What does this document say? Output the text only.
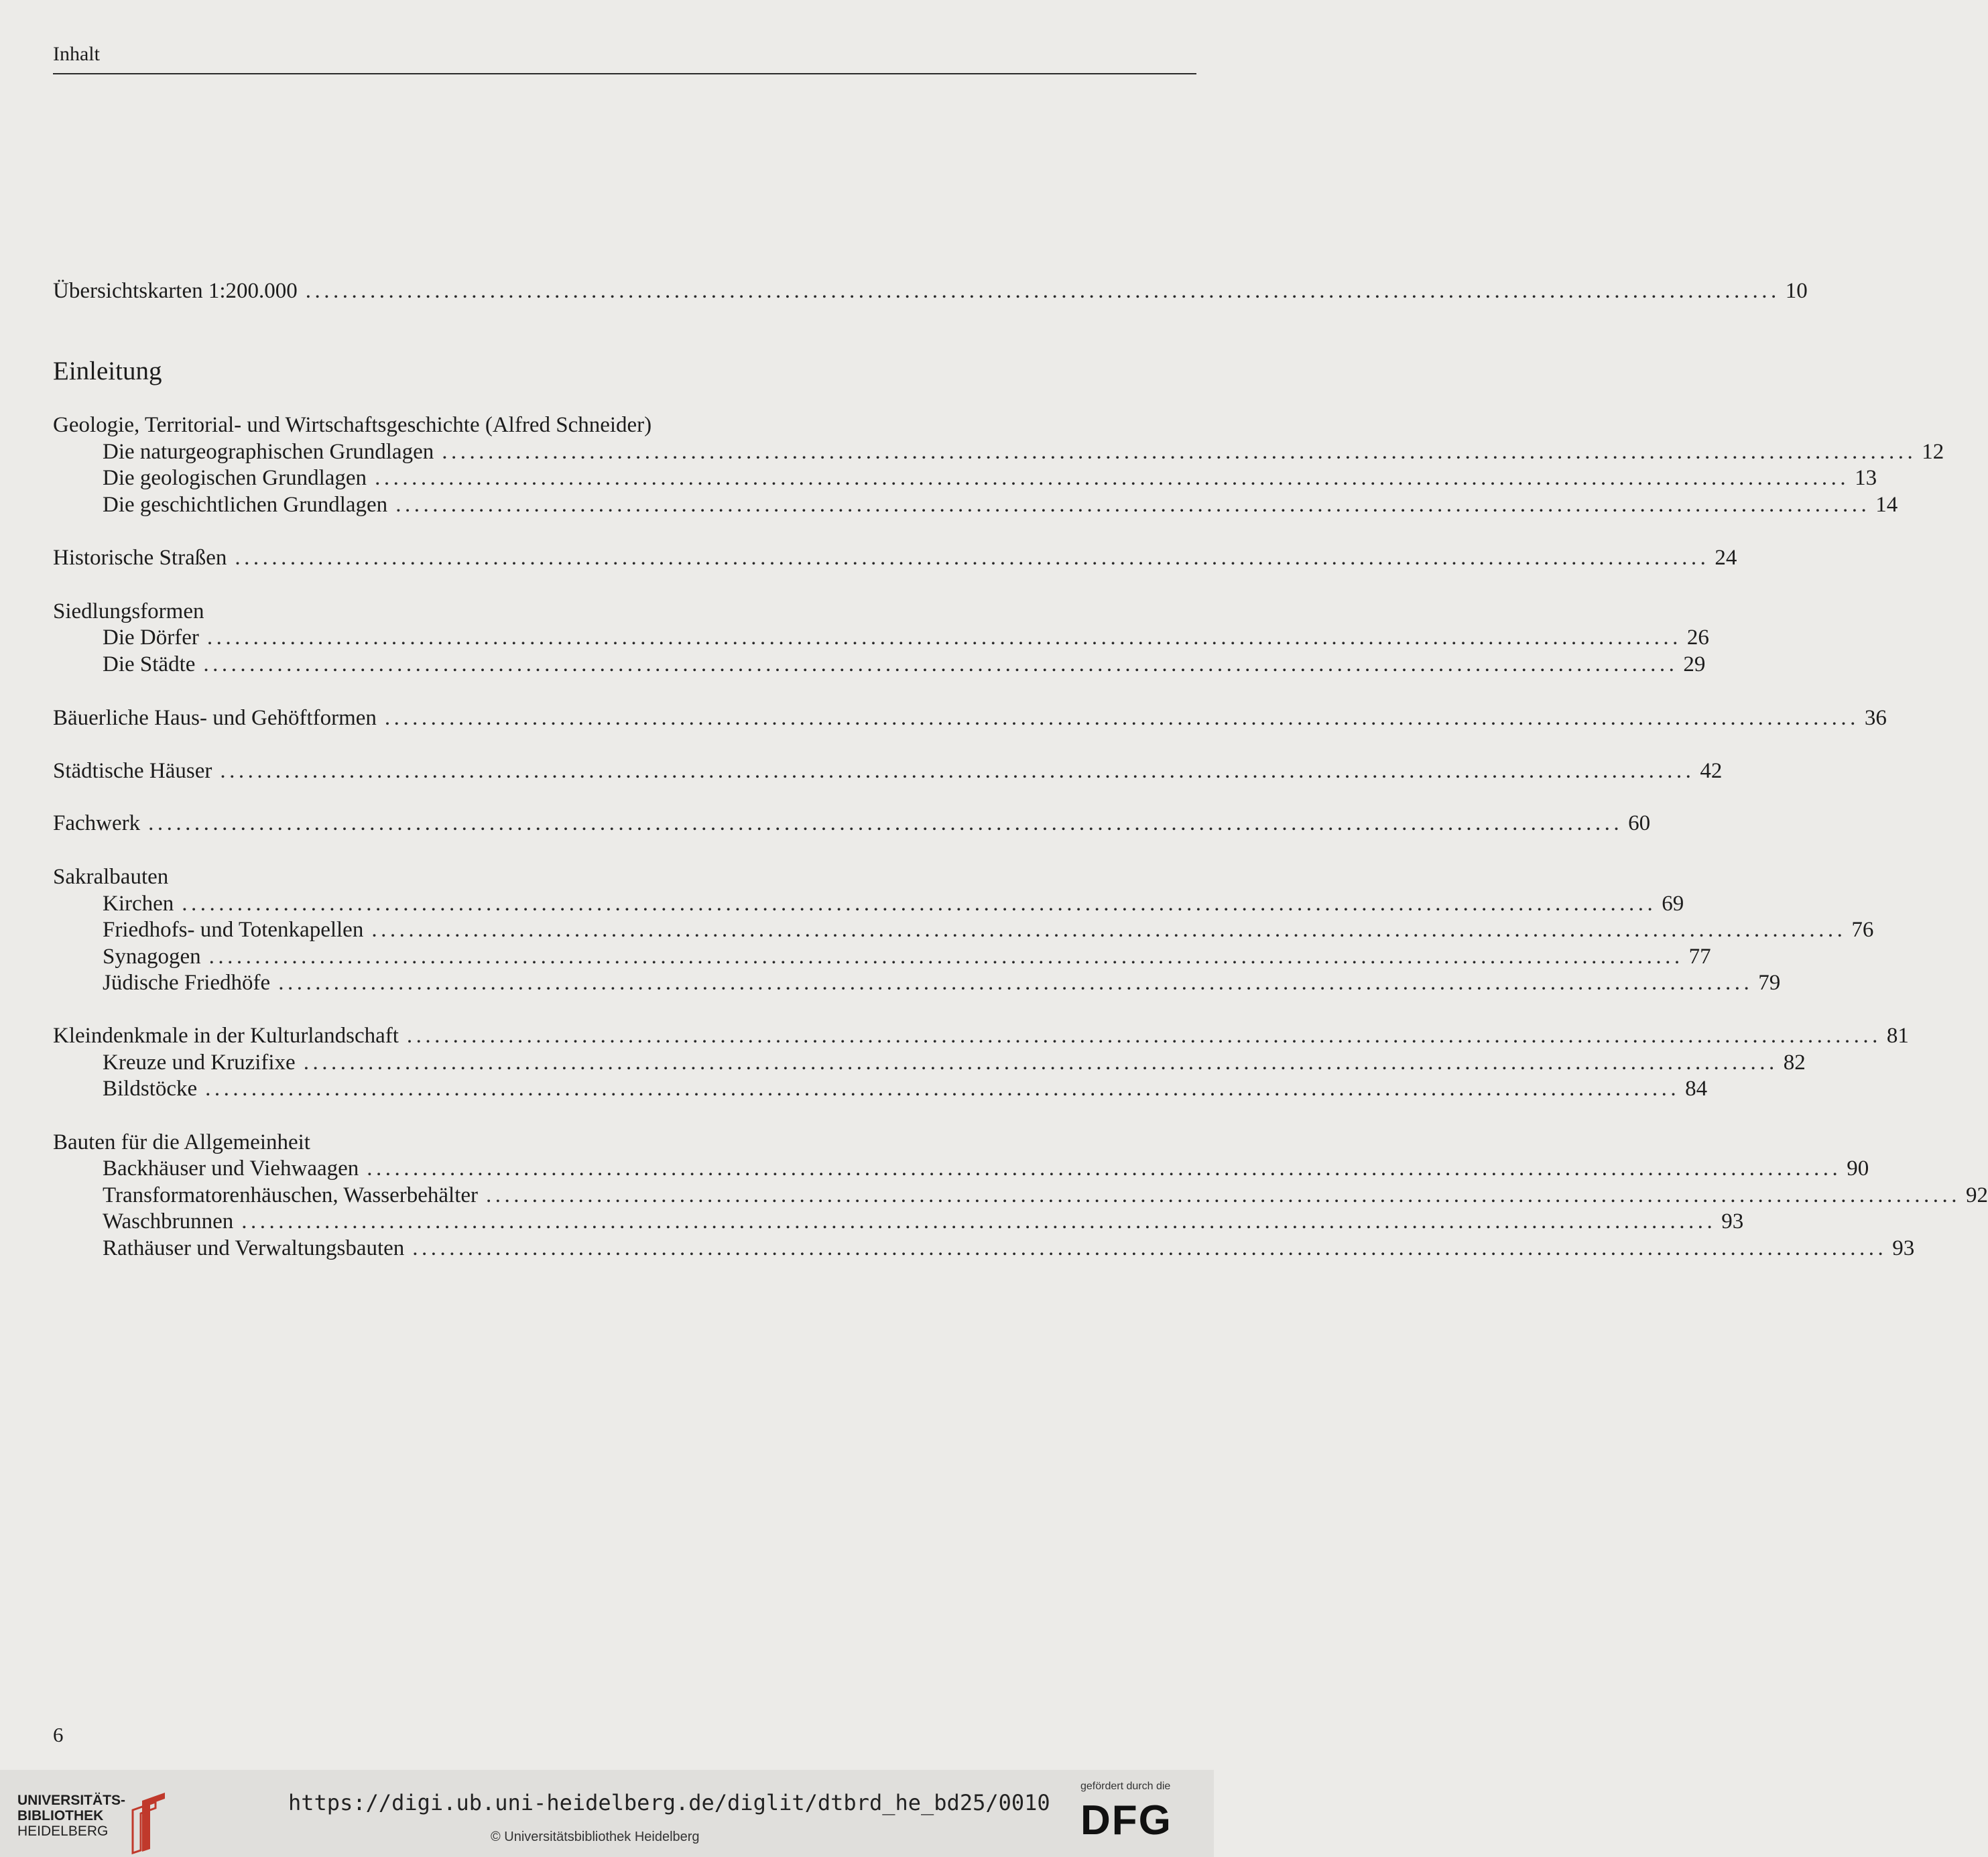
Inhalt
Übersichtskarten 1:200.000 ................................................................................................................................................................ 10
Einleitung
Geologie, Territorial- und Wirtschaftsgeschichte (Alfred Schneider)
Die naturgeographischen Grundlagen ................................................................................................................................................................ 12
Die geologischen Grundlagen ................................................................................................................................................................ 13
Die geschichtlichen Grundlagen ................................................................................................................................................................ 14
Historische Straßen ................................................................................................................................................................ 24
Siedlungsformen
Die Dörfer ................................................................................................................................................................ 26
Die Städte ................................................................................................................................................................ 29
Bäuerliche Haus- und Gehöftformen ................................................................................................................................................................ 36
Städtische Häuser ................................................................................................................................................................ 42
Fachwerk ................................................................................................................................................................ 60
Sakralbauten
Kirchen ................................................................................................................................................................ 69
Friedhofs- und Totenkapellen ................................................................................................................................................................ 76
Synagogen ................................................................................................................................................................ 77
Jüdische Friedhöfe ................................................................................................................................................................ 79
Kleindenkmale in der Kulturlandschaft ................................................................................................................................................................ 81
Kreuze und Kruzifixe ................................................................................................................................................................ 82
Bildstöcke ................................................................................................................................................................ 84
Bauten für die Allgemeinheit
Backhäuser und Viehwaagen ................................................................................................................................................................ 90
Transformatorenhäuschen, Wasserbehälter ................................................................................................................................................................ 92
Waschbrunnen ................................................................................................................................................................ 93
Rathäuser und Verwaltungsbauten ................................................................................................................................................................ 93
6
UNIVERSITÄTS-
BIBLIOTHEK
HEIDELBERG
https://digi.ub.uni-heidelberg.de/diglit/dtbrd_he_bd25/0010
© Universitätsbibliothek Heidelberg
gefördert durch die
DFG
